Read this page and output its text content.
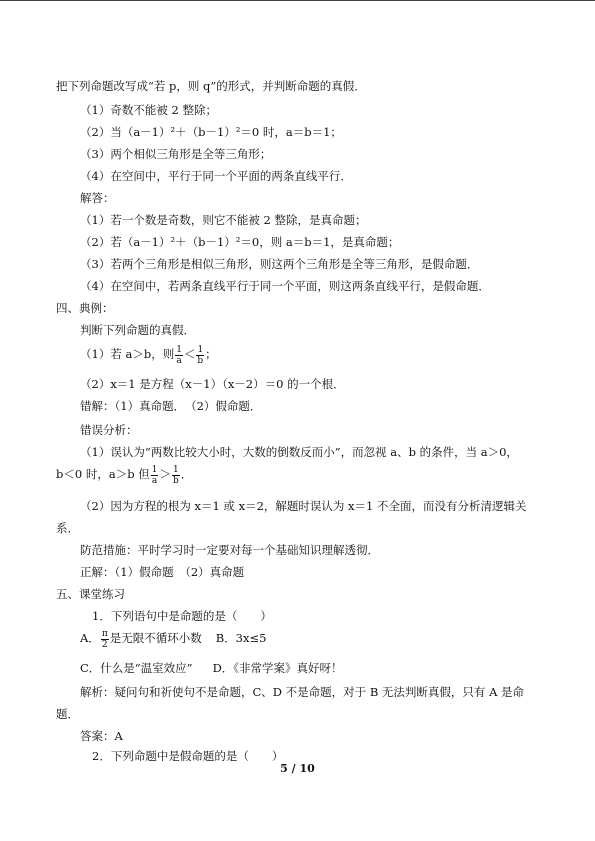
把下列命题改写成“若 p，则 q”的形式，并判断命题的真假．
（1）奇数不能被 2 整除；
（2）当（a－1）²＋（b－1）²＝0 时，a＝b＝1；
（3）两个相似三角形是全等三角形；
（4）在空间中，平行于同一个平面的两条直线平行．
解答：
（1）若一个数是奇数，则它不能被 2 整除，是真命题；
（2）若（a－1）²＋（b－1）²＝0，则 a＝b＝1，是真命题；
（3）若两个三角形是相似三角形，则这两个三角形是全等三角形，是假命题．
（4）在空间中，若两条直线平行于同一个平面，则这两条直线平行，是假命题．
四、典例：
判断下列命题的真假．
（1）若 a＞b，则 $\frac{1}{a} < \frac{1}{b}$ ；
（2）x＝1 是方程（x－1）（x－2）＝0 的一个根．
错解：（1）真命题．　（2）假命题．
错误分析：
（1）误认为“两数比较大小时，大数的倒数反而小”，而忽视 a、b 的条件，当 a＞0，
b＜0 时，a＞b 但 $\frac{1}{a} > \frac{1}{b}$ ．
（2）因为方程的根为 x＝1 或 x＝2，解题时误认为 x＝1 不全面，而没有分析清逻辑关
系．
防范措施：平时学习时一定要对每一个基础知识理解透彻．
正解：（1）假命题　（2）真命题
五、课堂练习
1．下列语句中是命题的是（　　）
A． $\frac{\pi}{2}$ 是无限不循环小数 B．3x≤5
C．什么是“温室效应” D．《非常学案》真好呀！
解析：疑问句和祈使句不是命题，C、D 不是命题，对于 B 无法判断真假，只有 A 是命
题．
答案：A
2．下列命题中是假命题的是（　　）
5 / 10
